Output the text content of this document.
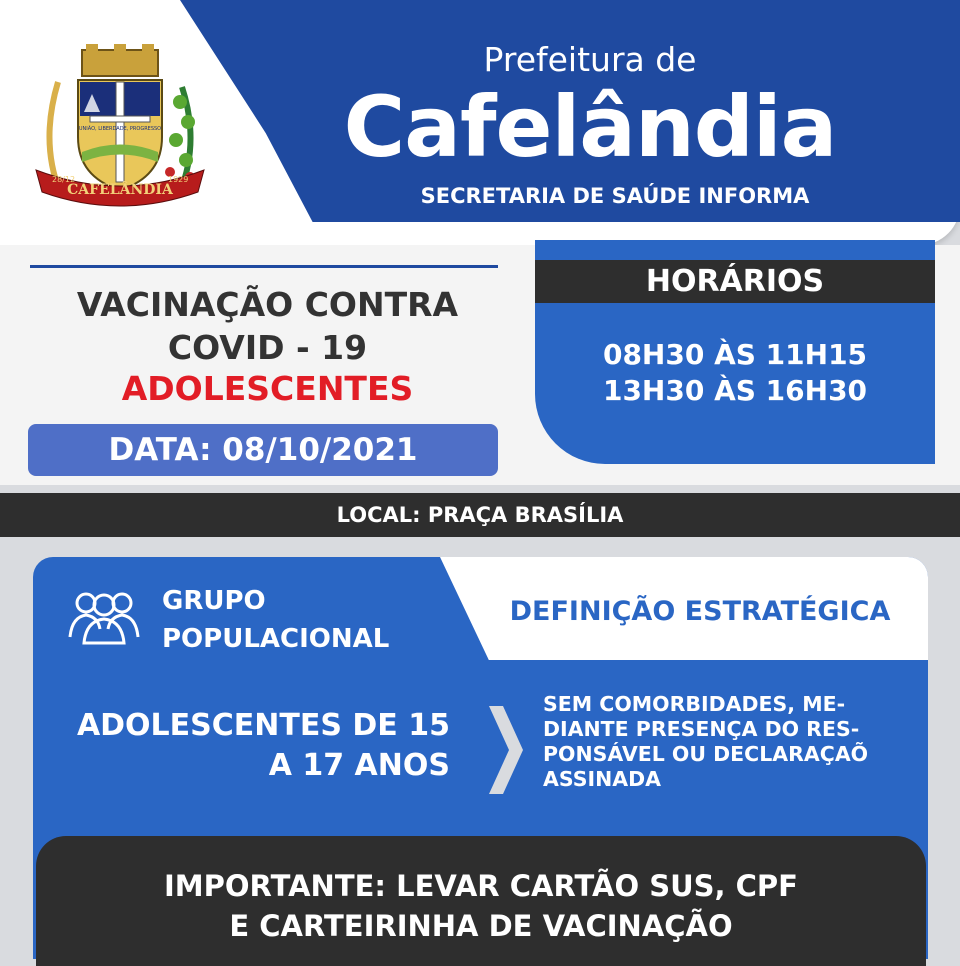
CAFELÂNDIA
28/12	1929
UNIÃO, LIBERDADE, PROGRESSO
Prefeitura de
Cafelândia
SECRETARIA DE SAÚDE INFORMA
VACINAÇÃO CONTRA
COVID - 19
ADOLESCENTES
DATA: 08/10/2021
HORÁRIOS
08H30 ÀS 11H15
13H30 ÀS 16H30
LOCAL: PRAÇA BRASÍLIA
DEFINIÇÃO ESTRATÉGICA
GRUPO
POPULACIONAL
ADOLESCENTES DE 15
A 17 ANOS
SEM COMORBIDADES, ME-
DIANTE PRESENÇA DO RES-
PONSÁVEL OU DECLARAÇAÕ
ASSINADA
IMPORTANTE: LEVAR CARTÃO SUS, CPF
E CARTEIRINHA DE VACINAÇÃO
